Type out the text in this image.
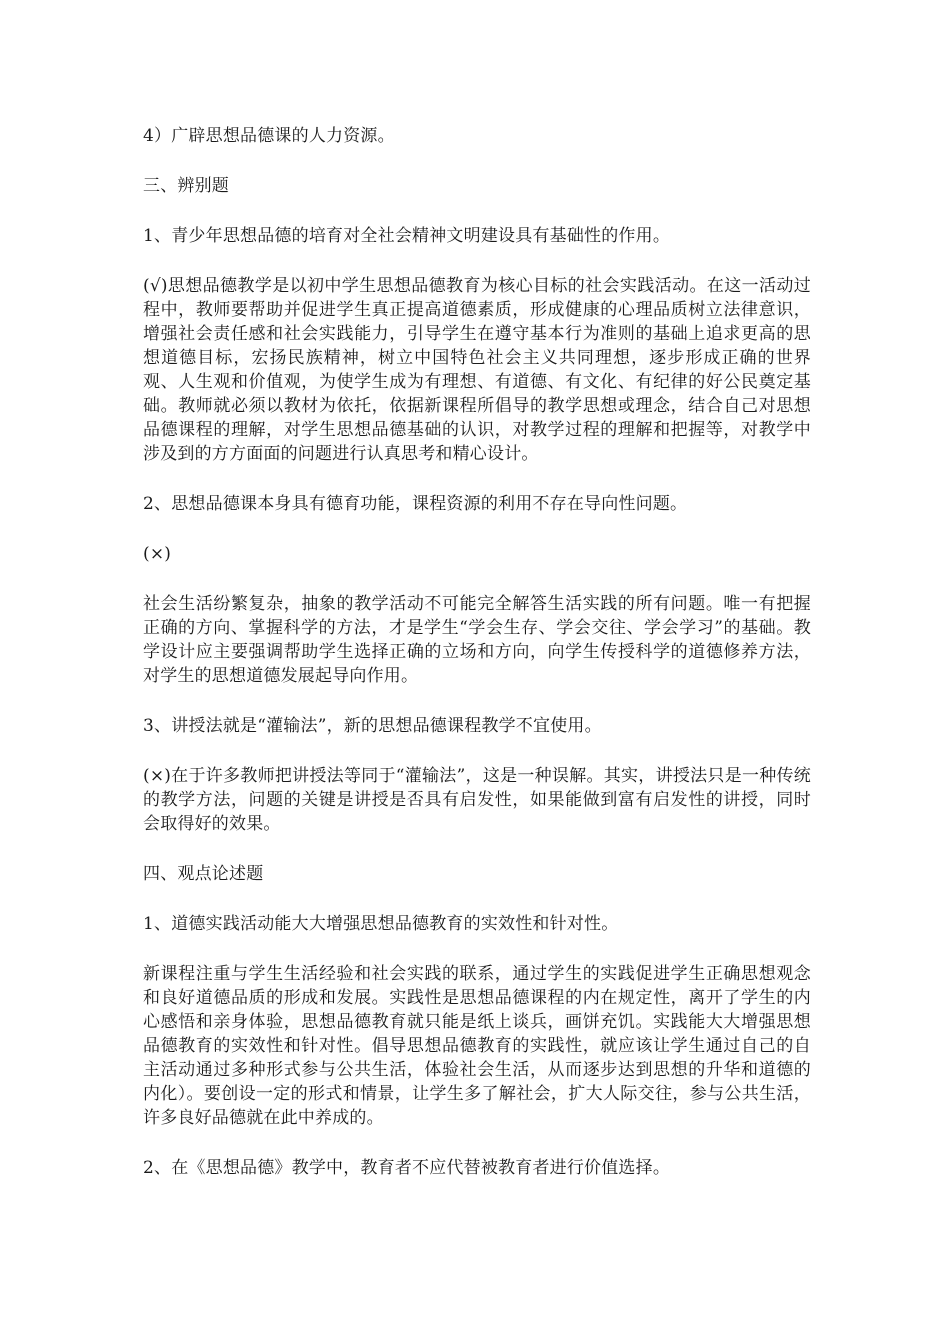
4）广辟思想品德课的人力资源。

三、辨别题

1、青少年思想品德的培育对全社会精神文明建设具有基础性的作用。

(√)思想品德教学是以初中学生思想品德教育为核心目标的社会实践活动。在这一活动过程中，教师要帮助并促进学生真正提高道德素质，形成健康的心理品质树立法律意识，增强社会责任感和社会实践能力，引导学生在遵守基本行为准则的基础上追求更高的思想道德目标，宏扬民族精神，树立中国特色社会主义共同理想，逐步形成正确的世界观、人生观和价值观，为使学生成为有理想、有道德、有文化、有纪律的好公民奠定基础。教师就必须以教材为依托，依据新课程所倡导的教学思想或理念，结合自己对思想品德课程的理解，对学生思想品德基础的认识，对教学过程的理解和把握等，对教学中涉及到的方方面面的问题进行认真思考和精心设计。

2、思想品德课本身具有德育功能，课程资源的利用不存在导向性问题。

(×)

社会生活纷繁复杂，抽象的教学活动不可能完全解答生活实践的所有问题。唯一有把握正确的方向、掌握科学的方法，才是学生“学会生存、学会交往、学会学习”的基础。教学设计应主要强调帮助学生选择正确的立场和方向，向学生传授科学的道德修养方法，对学生的思想道德发展起导向作用。

3、讲授法就是“灌输法”，新的思想品德课程教学不宜使用。

(×)在于许多教师把讲授法等同于“灌输法”，这是一种误解。其实，讲授法只是一种传统的教学方法，问题的关键是讲授是否具有启发性，如果能做到富有启发性的讲授，同时会取得好的效果。

四、观点论述题

1、道德实践活动能大大增强思想品德教育的实效性和针对性。

新课程注重与学生生活经验和社会实践的联系，通过学生的实践促进学生正确思想观念和良好道德品质的形成和发展。实践性是思想品德课程的内在规定性，离开了学生的内心感悟和亲身体验，思想品德教育就只能是纸上谈兵，画饼充饥。实践能大大增强思想品德教育的实效性和针对性。倡导思想品德教育的实践性，就应该让学生通过自己的自主活动通过多种形式参与公共生活，体验社会生活，从而逐步达到思想的升华和道德的内化）。要创设一定的形式和情景，让学生多了解社会，扩大人际交往，参与公共生活，许多良好品德就在此中养成的。

2、在《思想品德》教学中，教育者不应代替被教育者进行价值选择。
